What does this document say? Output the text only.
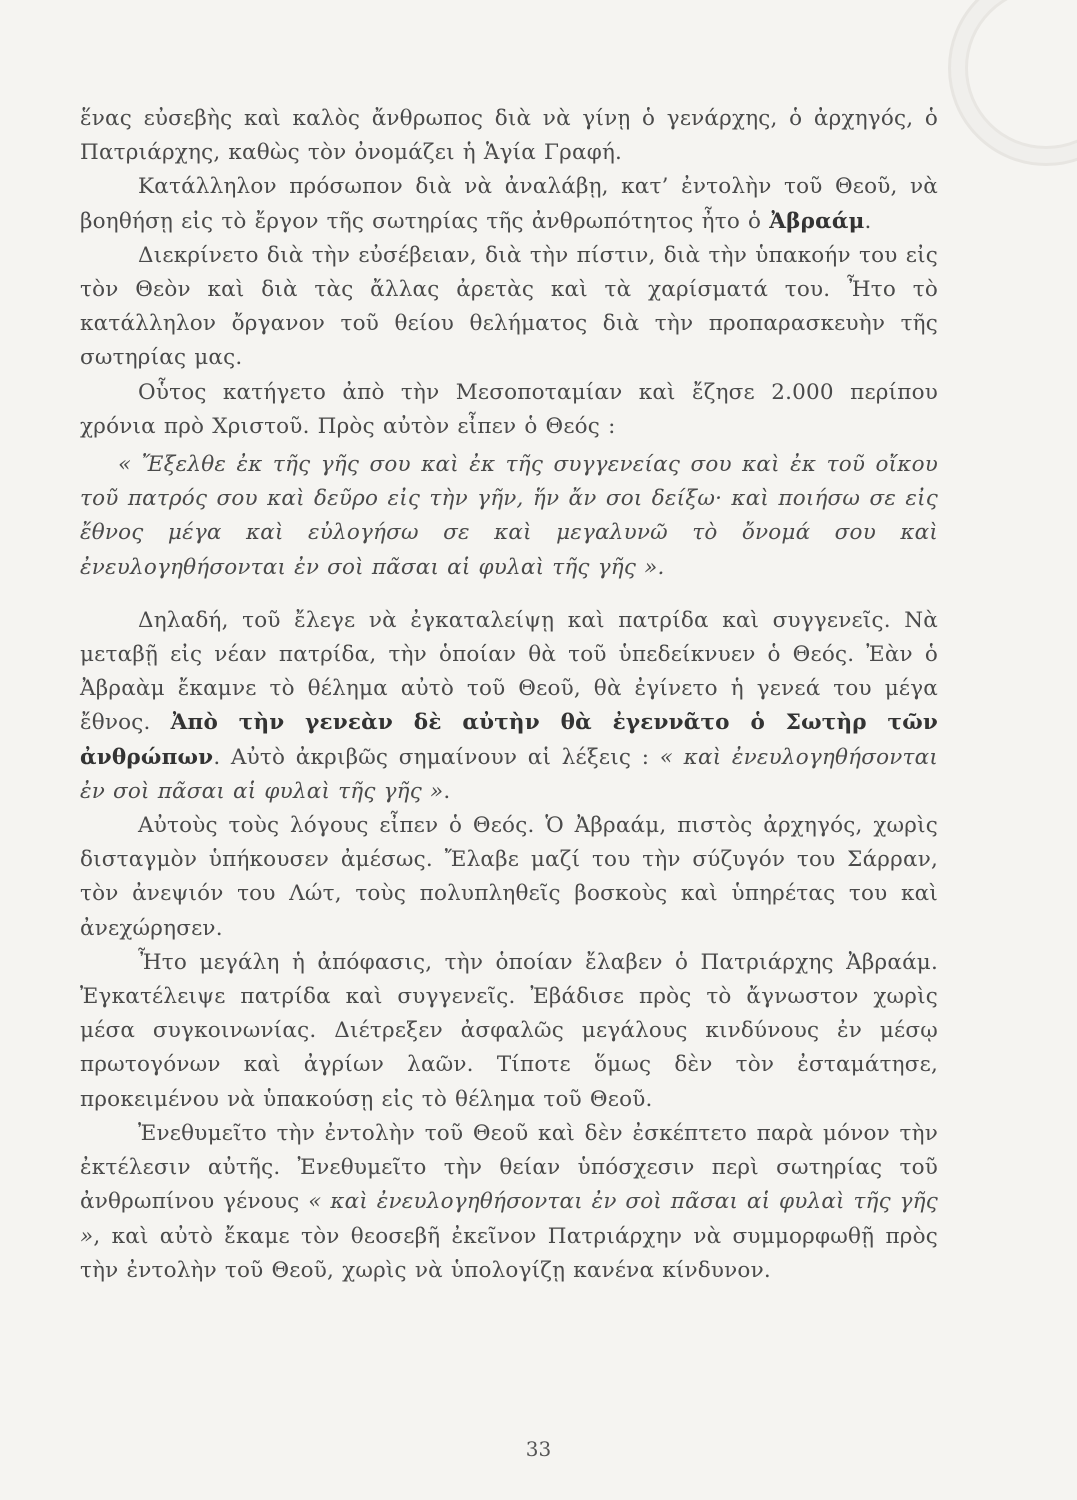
ἕνας εὐσεβὴς καὶ καλὸς ἄνθρωπος διὰ νὰ γίνῃ ὁ γενάρχης, ὁ ἀρχηγός, ὁ Πατριάρχης, καθὼς τὸν ὀνομάζει ἡ Ἁγία Γραφή.

Κατάλληλον πρόσωπον διὰ νὰ ἀναλάβῃ, κατ’ ἐντολὴν τοῦ Θεοῦ, νὰ βοηθήσῃ εἰς τὸ ἔργον τῆς σωτηρίας τῆς ἀνθρωπότητος ἦτο ὁ Ἀβραάμ.

Διεκρίνετο διὰ τὴν εὐσέβειαν, διὰ τὴν πίστιν, διὰ τὴν ὑπακοήν του εἰς τὸν Θεὸν καὶ διὰ τὰς ἄλλας ἀρετὰς καὶ τὰ χαρίσματά του. Ἦτο τὸ κατάλληλον ὄργανον τοῦ θείου θελήματος διὰ τὴν προπαρασκευὴν τῆς σωτηρίας μας.

Οὗτος κατήγετο ἀπὸ τὴν Μεσοποταμίαν καὶ ἔζησε 2.000 περίπου χρόνια πρὸ Χριστοῦ. Πρὸς αὐτὸν εἶπεν ὁ Θεός :

« Ἔξελθε ἐκ τῆς γῆς σου καὶ ἐκ τῆς συγγενείας σου καὶ ἐκ τοῦ οἴκου τοῦ πατρός σου καὶ δεῦρο εἰς τὴν γῆν, ἥν ἄν σοι δείξω· καὶ ποιήσω σε εἰς ἔθνος μέγα καὶ εὐλογήσω σε καὶ μεγαλυνῶ τὸ ὄνομά σου καὶ ἐνευλογηθήσονται ἐν σοὶ πᾶσαι αἱ φυλαὶ τῆς γῆς ».

Δηλαδή, τοῦ ἔλεγε νὰ ἐγκαταλείψῃ καὶ πατρίδα καὶ συγγενεῖς. Νὰ μεταβῇ εἰς νέαν πατρίδα, τὴν ὁποίαν θὰ τοῦ ὑπεδείκνυεν ὁ Θεός. Ἐὰν ὁ Ἀβραὰμ ἔκαμνε τὸ θέλημα αὐτὸ τοῦ Θεοῦ, θὰ ἐγίνετο ἡ γενεά του μέγα ἔθνος. Ἀπὸ τὴν γενεὰν δὲ αὐτὴν θὰ ἐγεννᾶτο ὁ Σωτὴρ τῶν ἀνθρώπων. Αὐτὸ ἀκριβῶς σημαίνουν αἱ λέξεις : « καὶ ἐνευλογηθήσονται ἐν σοὶ πᾶσαι αἱ φυλαὶ τῆς γῆς ».

Αὐτοὺς τοὺς λόγους εἶπεν ὁ Θεός. Ὁ Ἀβραάμ, πιστὸς ἀρχηγός, χωρὶς δισταγμὸν ὑπήκουσεν ἀμέσως. Ἔλαβε μαζί του τὴν σύζυγόν του Σάρραν, τὸν ἀνεψιόν του Λώτ, τοὺς πολυπληθεῖς βοσκοὺς καὶ ὑπηρέτας του καὶ ἀνεχώρησεν.

Ἦτο μεγάλη ἡ ἀπόφασις, τὴν ὁποίαν ἔλαβεν ὁ Πατριάρχης Ἀβραάμ. Ἐγκατέλειψε πατρίδα καὶ συγγενεῖς. Ἐβάδισε πρὸς τὸ ἄγνωστον χωρὶς μέσα συγκοινωνίας. Διέτρεξεν ἀσφαλῶς μεγάλους κινδύνους ἐν μέσῳ πρωτογόνων καὶ ἀγρίων λαῶν. Τίποτε ὅμως δὲν τὸν ἐσταμάτησε, προκειμένου νὰ ὑπακούσῃ εἰς τὸ θέλημα τοῦ Θεοῦ.

Ἐνεθυμεῖτο τὴν ἐντολὴν τοῦ Θεοῦ καὶ δὲν ἐσκέπτετο παρὰ μόνον τὴν ἐκτέλεσιν αὐτῆς. Ἐνεθυμεῖτο τὴν θείαν ὑπόσχεσιν περὶ σωτηρίας τοῦ ἀνθρωπίνου γένους « καὶ ἐνευλογηθήσονται ἐν σοὶ πᾶσαι αἱ φυλαὶ τῆς γῆς », καὶ αὐτὸ ἔκαμε τὸν θεοσεβῆ ἐκεῖνον Πατριάρχην νὰ συμμορφωθῇ πρὸς τὴν ἐντολὴν τοῦ Θεοῦ, χωρὶς νὰ ὑπολογίζῃ κανένα κίνδυνον.

33
